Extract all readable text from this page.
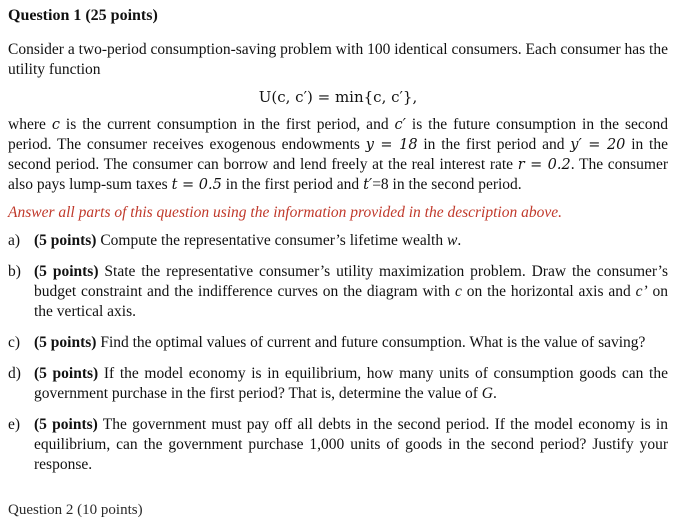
Question 1 (25 points)

Consider a two-period consumption-saving problem with 100 identical consumers. Each consumer has the utility function

U(c, c′) = min{c, c′},

where c is the current consumption in the first period, and c′ is the future consumption in the second period. The consumer receives exogenous endowments y = 18 in the first period and y′ = 20 in the second period. The consumer can borrow and lend freely at the real interest rate r = 0.2. The consumer also pays lump-sum taxes t = 0.5 in the first period and t′=8 in the second period.

Answer all parts of this question using the information provided in the description above.

a) (5 points) Compute the representative consumer’s lifetime wealth w.
b) (5 points) State the representative consumer’s utility maximization problem. Draw the consumer’s budget constraint and the indifference curves on the diagram with c on the horizontal axis and c’ on the vertical axis.
c) (5 points) Find the optimal values of current and future consumption. What is the value of saving?
d) (5 points) If the model economy is in equilibrium, how many units of consumption goods can the government purchase in the first period? That is, determine the value of G.
e) (5 points) The government must pay off all debts in the second period. If the model economy is in equilibrium, can the government purchase 1,000 units of goods in the second period? Justify your response.
Question 2 (10 points)
